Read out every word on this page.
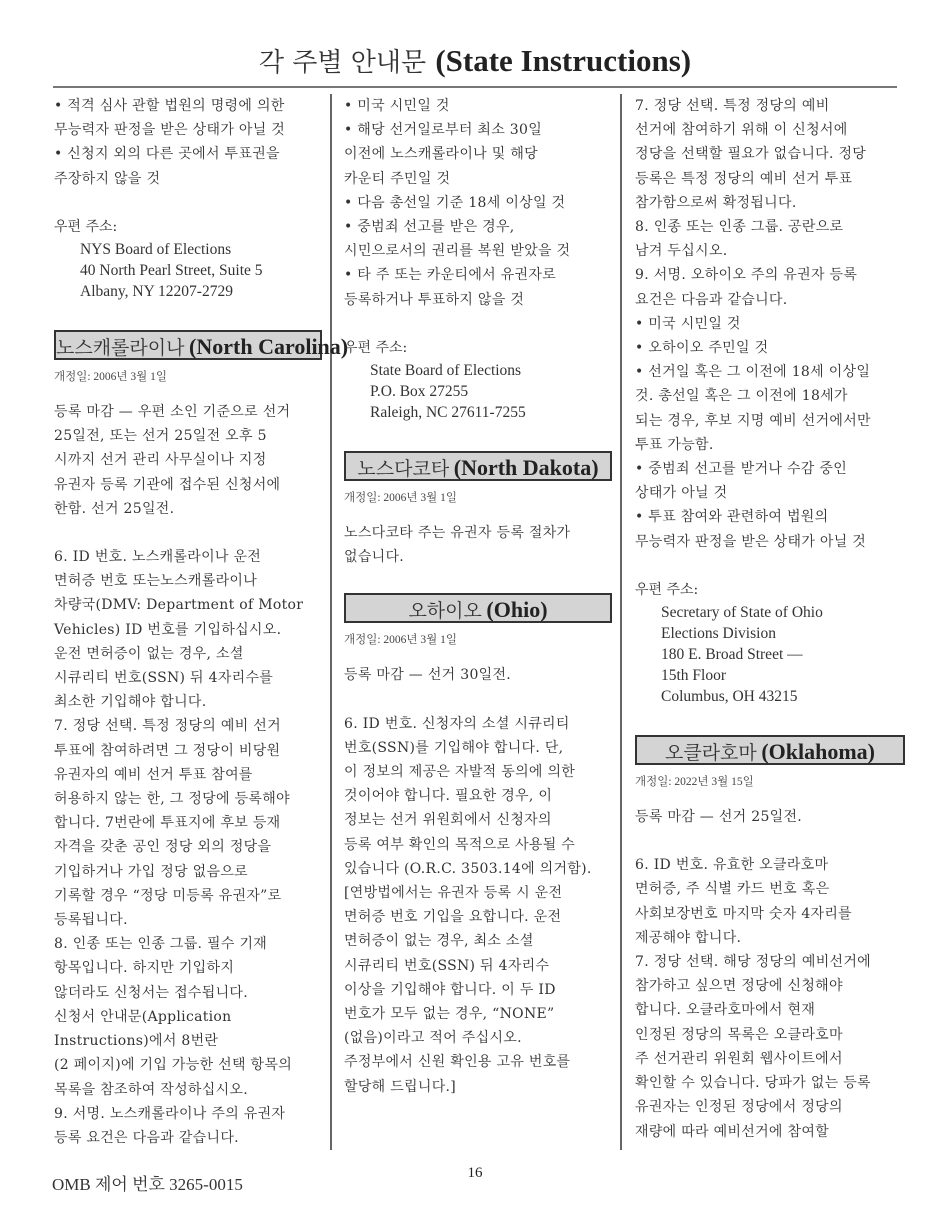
각 주별 안내문 (State Instructions)
• 적격 심사 관할 법원의 명령에 의한
무능력자 판정을 받은 상태가 아닐 것
• 신청지 외의 다른 곳에서 투표권을
주장하지 않을 것
우편 주소:
NYS Board of Elections
40 North Pearl Street, Suite 5
Albany, NY 12207-2729
노스캐롤라이나 (North Carolina)
개정일: 2006년 3월 1일
등록 마감 — 우편 소인 기준으로 선거
25일전, 또는 선거 25일전 오후 5
시까지 선거 관리 사무실이나 지정
유권자 등록 기관에 접수된 신청서에
한함. 선거 25일전.
6. ID 번호. 노스캐롤라이나 운전
면허증 번호 또는노스캐롤라이나
차량국(DMV: Department of Motor
Vehicles) ID 번호를 기입하십시오.
운전 면허증이 없는 경우, 소셜
시큐리티 번호(SSN) 뒤 4자리수를
최소한 기입해야 합니다.
7. 정당 선택. 특정 정당의 예비 선거
투표에 참여하려면 그 정당이 비당원
유권자의 예비 선거 투표 참여를
허용하지 않는 한, 그 정당에 등록해야
합니다. 7번란에 투표지에 후보 등재
자격을 갖춘 공인 정당 외의 정당을
기입하거나 가입 정당 없음으로
기록할 경우 “정당 미등록 유권자”로
등록됩니다.
8. 인종 또는 인종 그룹. 필수 기재
항목입니다. 하지만 기입하지
않더라도 신청서는 접수됩니다.
신청서 안내문(Application
Instructions)에서 8번란
(2 페이지)에 기입 가능한 선택 항목의
목록을 참조하여 작성하십시오.
9. 서명. 노스캐롤라이나 주의 유권자
등록 요건은 다음과 같습니다.
• 미국 시민일 것
• 해당 선거일로부터 최소 30일
이전에 노스캐롤라이나 및 해당
카운티 주민일 것
• 다음 총선일 기준 18세 이상일 것
• 중범죄 선고를 받은 경우,
시민으로서의 권리를 복원 받았을 것
• 타 주 또는 카운티에서 유권자로
등록하거나 투표하지 않을 것
우편 주소:
State Board of Elections
P.O. Box 27255
Raleigh, NC 27611-7255
노스다코타 (North Dakota)
개정일: 2006년 3월 1일
노스다코타 주는 유권자 등록 절차가
없습니다.
오하이오 (Ohio)
개정일: 2006년 3월 1일
등록 마감 — 선거 30일전.
6. ID 번호. 신청자의 소셜 시큐리티
번호(SSN)를 기입해야 합니다. 단,
이 정보의 제공은 자발적 동의에 의한
것이어야 합니다. 필요한 경우, 이
정보는 선거 위원회에서 신청자의
등록 여부 확인의 목적으로 사용될 수
있습니다 (O.R.C. 3503.14에 의거함).
[연방법에서는 유권자 등록 시 운전
면허증 번호 기입을 요합니다. 운전
면허증이 없는 경우, 최소 소셜
시큐리티 번호(SSN) 뒤 4자리수
이상을 기입해야 합니다. 이 두 ID
번호가 모두 없는 경우, “NONE”
(없음)이라고 적어 주십시오.
주정부에서 신원 확인용 고유 번호를
할당해 드립니다.]
7. 정당 선택. 특정 정당의 예비
선거에 참여하기 위해 이 신청서에
정당을 선택할 필요가 없습니다. 정당
등록은 특정 정당의 예비 선거 투표
참가함으로써 확정됩니다.
8. 인종 또는 인종 그룹. 공란으로
남겨 두십시오.
9. 서명. 오하이오 주의 유권자 등록
요건은 다음과 같습니다.
• 미국 시민일 것
• 오하이오 주민일 것
• 선거일 혹은 그 이전에 18세 이상일
것. 총선일 혹은 그 이전에 18세가
되는 경우, 후보 지명 예비 선거에서만
투표 가능함.
• 중범죄 선고를 받거나 수감 중인
상태가 아닐 것
• 투표 참여와 관련하여 법원의
무능력자 판정을 받은 상태가 아닐 것
우편 주소:
Secretary of State of Ohio
Elections Division
180 E. Broad Street —
15th Floor
Columbus, OH 43215
오클라호마 (Oklahoma)
개정일: 2022년 3월 15일
등록 마감 — 선거 25일전.
6. ID 번호. 유효한 오클라호마
면허증, 주 식별 카드 번호 혹은
사회보장번호 마지막 숫자 4자리를
제공해야 합니다.
7. 정당 선택. 해당 정당의 예비선거에
참가하고 싶으면 정당에 신청해야
합니다. 오클라호마에서 현재
인정된 정당의 목록은 오클라호마
주 선거관리 위원회 웹사이트에서
확인할 수 있습니다. 당파가 없는 등록
유권자는 인정된 정당에서 정당의
재량에 따라 예비선거에 참여할
OMB 제어 번호 3265-0015
16
